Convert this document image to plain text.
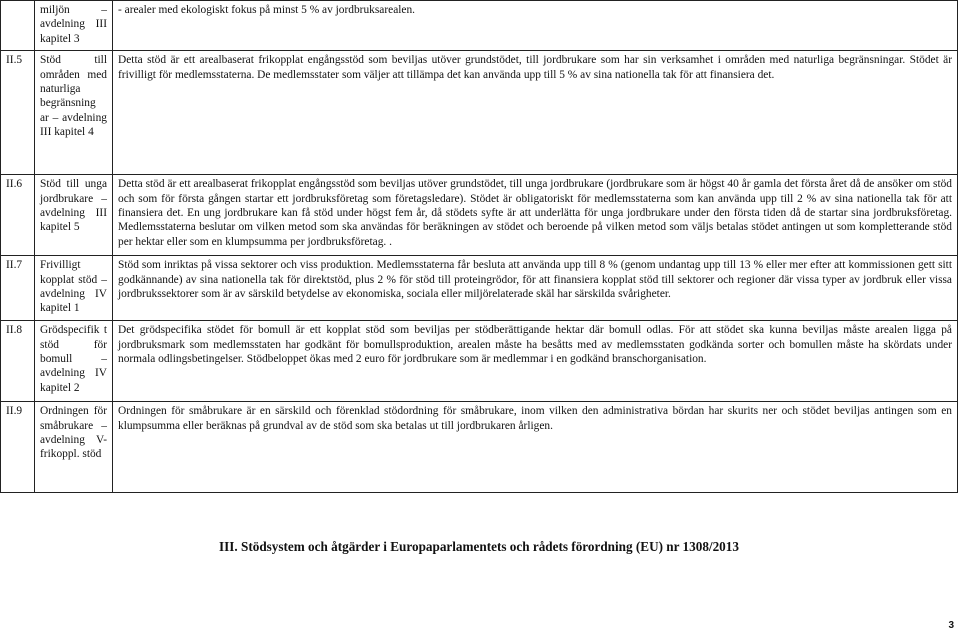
	miljön – avdelning III kapitel 3	- arealer med ekologiskt fokus på minst 5 % av jordbruksarealen.

II.5	Stöd till områden med naturliga begränsning ar – avdelning III kapitel 4	Detta stöd är ett arealbaserat frikopplat engångsstöd som beviljas utöver grundstödet, till jordbrukare som har sin verksamhet i områden med naturliga begränsningar. Stödet är frivilligt för medlemsstaterna. De medlemsstater som väljer att tillämpa det kan använda upp till 5 % av sina nationella tak för att finansiera det.

II.6	Stöd till unga jordbrukare – avdelning III kapitel 5	Detta stöd är ett arealbaserat frikopplat engångsstöd som beviljas utöver grundstödet, till unga jordbrukare (jordbrukare som är högst 40 år gamla det första året då de ansöker om stöd och som för första gången startar ett jordbruksföretag som företagsledare). Stödet är obligatoriskt för medlemsstaterna som kan använda upp till 2 % av sina nationella tak för att finansiera det. En ung jordbrukare kan få stöd under högst fem år, då stödets syfte är att underlätta för unga jordbrukare under den första tiden då de startar sina jordbruksföretag. Medlemsstaterna beslutar om vilken metod som ska användas för beräkningen av stödet och beroende på vilken metod som väljs betalas stödet antingen ut som kompletterande stöd per hektar eller som en klumpsumma per jordbruksföretag. .

II.7	Frivilligt kopplat stöd – avdelning IV kapitel 1	Stöd som inriktas på vissa sektorer och viss produktion. Medlemsstaterna får besluta att använda upp till 8 % (genom undantag upp till 13 % eller mer efter att kommissionen gett sitt godkännande) av sina nationella tak för direktstöd, plus 2 % för stöd till proteingrödor, för att finansiera kopplat stöd till sektorer och regioner där vissa typer av jordbruk eller vissa jordbrukssektorer som är av särskild betydelse av ekonomiska, sociala eller miljörelaterade skäl har särskilda svårigheter.

II.8	Grödspecifik t stöd för bomull – avdelning IV kapitel 2	Det grödspecifika stödet för bomull är ett kopplat stöd som beviljas per stödberättigande hektar där bomull odlas. För att stödet ska kunna beviljas måste arealen ligga på jordbruksmark som medlemsstaten har godkänt för bomullsproduktion, arealen måste ha besåtts med av medlemsstaten godkända sorter och bomullen måste ha skördats under normala odlingsbetingelser. Stödbeloppet ökas med 2 euro för jordbrukare som är medlemmar i en godkänd branschorganisation.

II.9	Ordningen för småbrukare – avdelning V- frikoppl. stöd	Ordningen för småbrukare är en särskild och förenklad stödordning för småbrukare, inom vilken den administrativa bördan har skurits ner och stödet beviljas antingen som en klumpsumma eller beräknas på grundval av de stöd som ska betalas ut till jordbrukaren årligen.

III. Stödsystem och åtgärder i Europaparlamentets och rådets förordning (EU) nr 1308/2013
3
